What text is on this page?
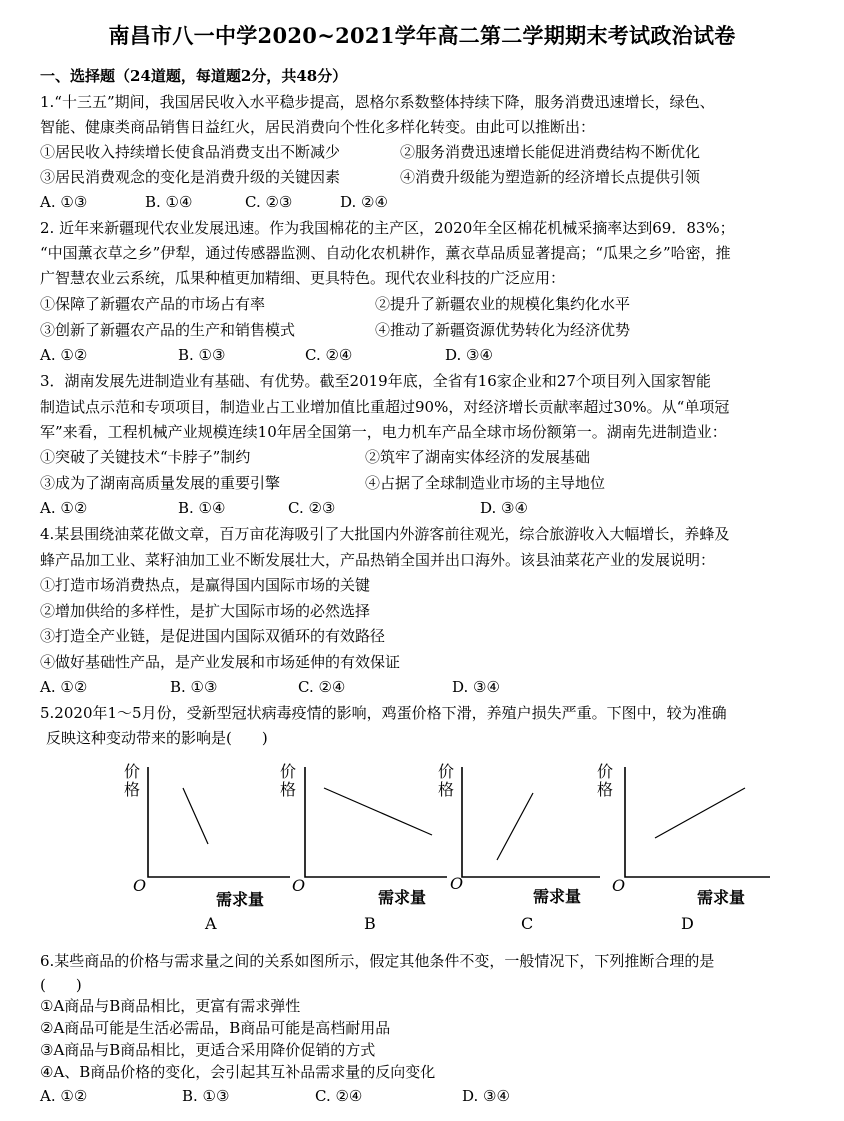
南昌市八一中学2020~2021学年高二第二学期期末考试政治试卷
一、选择题（24道题，每道题2分，共48分）
1.“十三五”期间，我国居民收入水平稳步提高，恩格尔系数整体持续下降，服务消费迅速增长，绿色、
智能、健康类商品销售日益红火，居民消费向个性化多样化转变。由此可以推断出：
①居民收入持续增长使食品消费支出不断减少	②服务消费迅速增长能促进消费结构不断优化
③居民消费观念的变化是消费升级的关键因素	④消费升级能为塑造新的经济增长点提供引领
A. ①③	B. ①④	C. ②③	D. ②④
2. 近年来新疆现代农业发展迅速。作为我国棉花的主产区，2020年全区棉花机械采摘率达到69．83%；
“中国薰衣草之乡”伊犁，通过传感器监测、自动化农机耕作，薰衣草品质显著提高；“瓜果之乡”哈密，推
广智慧农业云系统，瓜果种植更加精细、更具特色。现代农业科技的广泛应用：
①保障了新疆农产品的市场占有率	②提升了新疆农业的规模化集约化水平
③创新了新疆农产品的生产和销售模式	④推动了新疆资源优势转化为经济优势
A. ①②	B. ①③	C. ②④	D. ③④
3．湖南发展先进制造业有基础、有优势。截至2019年底，全省有16家企业和27个项目列入国家智能
制造试点示范和专项项目，制造业占工业增加值比重超过90%，对经济增长贡献率超过30%。从“单项冠
军”来看，工程机械产业规模连续10年居全国第一，电力机车产品全球市场份额第一。湖南先进制造业：
①突破了关键技术“卡脖子”制约	②筑牢了湖南实体经济的发展基础
③成为了湖南高质量发展的重要引擎	④占据了全球制造业市场的主导地位
A. ①②	B. ①④	C. ②③	D. ③④
4.某县围绕油菜花做文章，百万亩花海吸引了大批国内外游客前往观光，综合旅游收入大幅增长，养蜂及
蜂产品加工业、菜籽油加工业不断发展壮大，产品热销全国并出口海外。该县油菜花产业的发展说明：
①打造市场消费热点，是赢得国内国际市场的关键
②增加供给的多样性，是扩大国际市场的必然选择
③打造全产业链，是促进国内国际双循环的有效路径
④做好基础性产品，是产业发展和市场延伸的有效保证
A. ①②	B. ①③	C. ②④	D. ③④
5.2020年1～5月份，受新型冠状病毒疫情的影响，鸡蛋价格下滑，养殖户损失严重。下图中，较为准确
反映这种变动带来的影响是(　　)
价
格
O
需求量
A
价
格
O
需求量
B
价
格
O
需求量
C
价
格
O
需求量
D
6.某些商品的价格与需求量之间的关系如图所示，假定其他条件不变，一般情况下，下列推断合理的是
(　　)
①A商品与B商品相比，更富有需求弹性
②A商品可能是生活必需品，B商品可能是高档耐用品
③A商品与B商品相比，更适合采用降价促销的方式
④A、B商品价格的变化，会引起其互补品需求量的反向变化
A. ①②	B. ①③	C. ②④	D. ③④
